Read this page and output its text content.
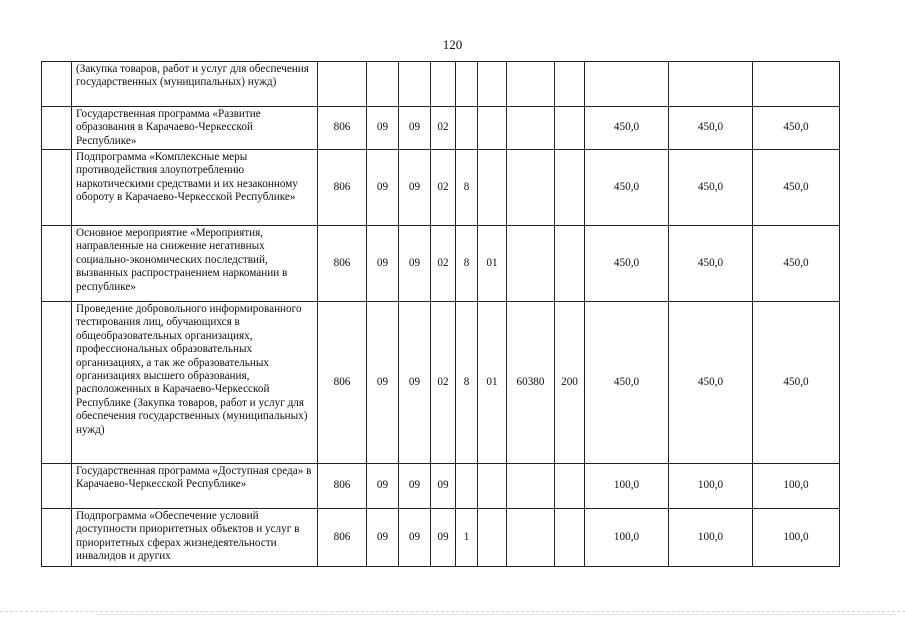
120
	(Закупка товаров, работ и услуг для обеспечения государственных (муниципальных) нужд)											
	Государственная программа «Развитие образования в Карачаево-Черкесской Республике»	806	09	09	02					450,0	450,0	450,0
	Подпрограмма «Комплексные меры противодействия злоупотреблению наркотическими средствами и их незаконному обороту в Карачаево-Черкесской Республике»	806	09	09	02	8				450,0	450,0	450,0
	Основное мероприятие «Мероприятия, направленные на снижение негативных социально-экономических последствий, вызванных распространением наркомании в республике»	806	09	09	02	8	01			450,0	450,0	450,0
	Проведение добровольного информированного тестирования лиц, обучающихся в общеобразовательных организациях, профессиональных образовательных организациях, а так же образовательных организациях высшего образования, расположенных в Карачаево-Черкесской Республике (Закупка товаров, работ и услуг для обеспечения государственных (муниципальных) нужд)	806	09	09	02	8	01	60380	200	450,0	450,0	450,0
	Государственная программа «Доступная среда» в Карачаево-Черкесской Республике»	806	09	09	09					100,0	100,0	100,0
	Подпрограмма «Обеспечение условий доступности приоритетных объектов и услуг в приоритетных сферах жизнедеятельности инвалидов и других	806	09	09	09	1				100,0	100,0	100,0
